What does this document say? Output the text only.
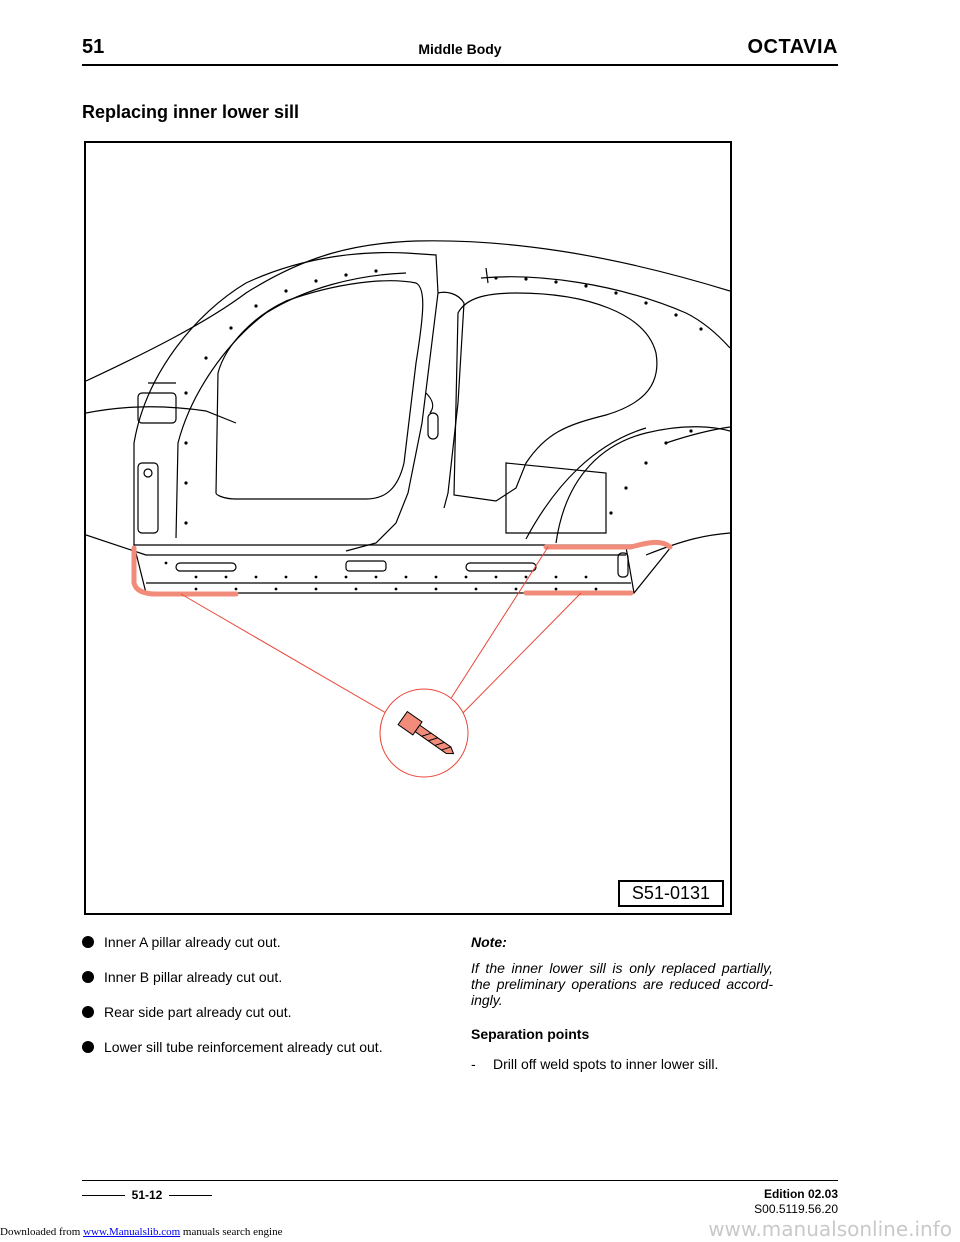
51	Middle Body	OCTAVIA
Replacing inner lower sill
S51-0131
Inner A pillar already cut out.
Inner B pillar already cut out.
Rear side part already cut out.
Lower sill tube reinforcement already cut out.
Note:
If the inner lower sill is only replaced partially, the preliminary operations are reduced accord-ingly.
Separation points
- Drill off weld spots to inner lower sill.
51-12	Edition 02.03
S00.5119.56.20
Downloaded from www.Manualslib.com manuals search engine	www.manualsonline.info
